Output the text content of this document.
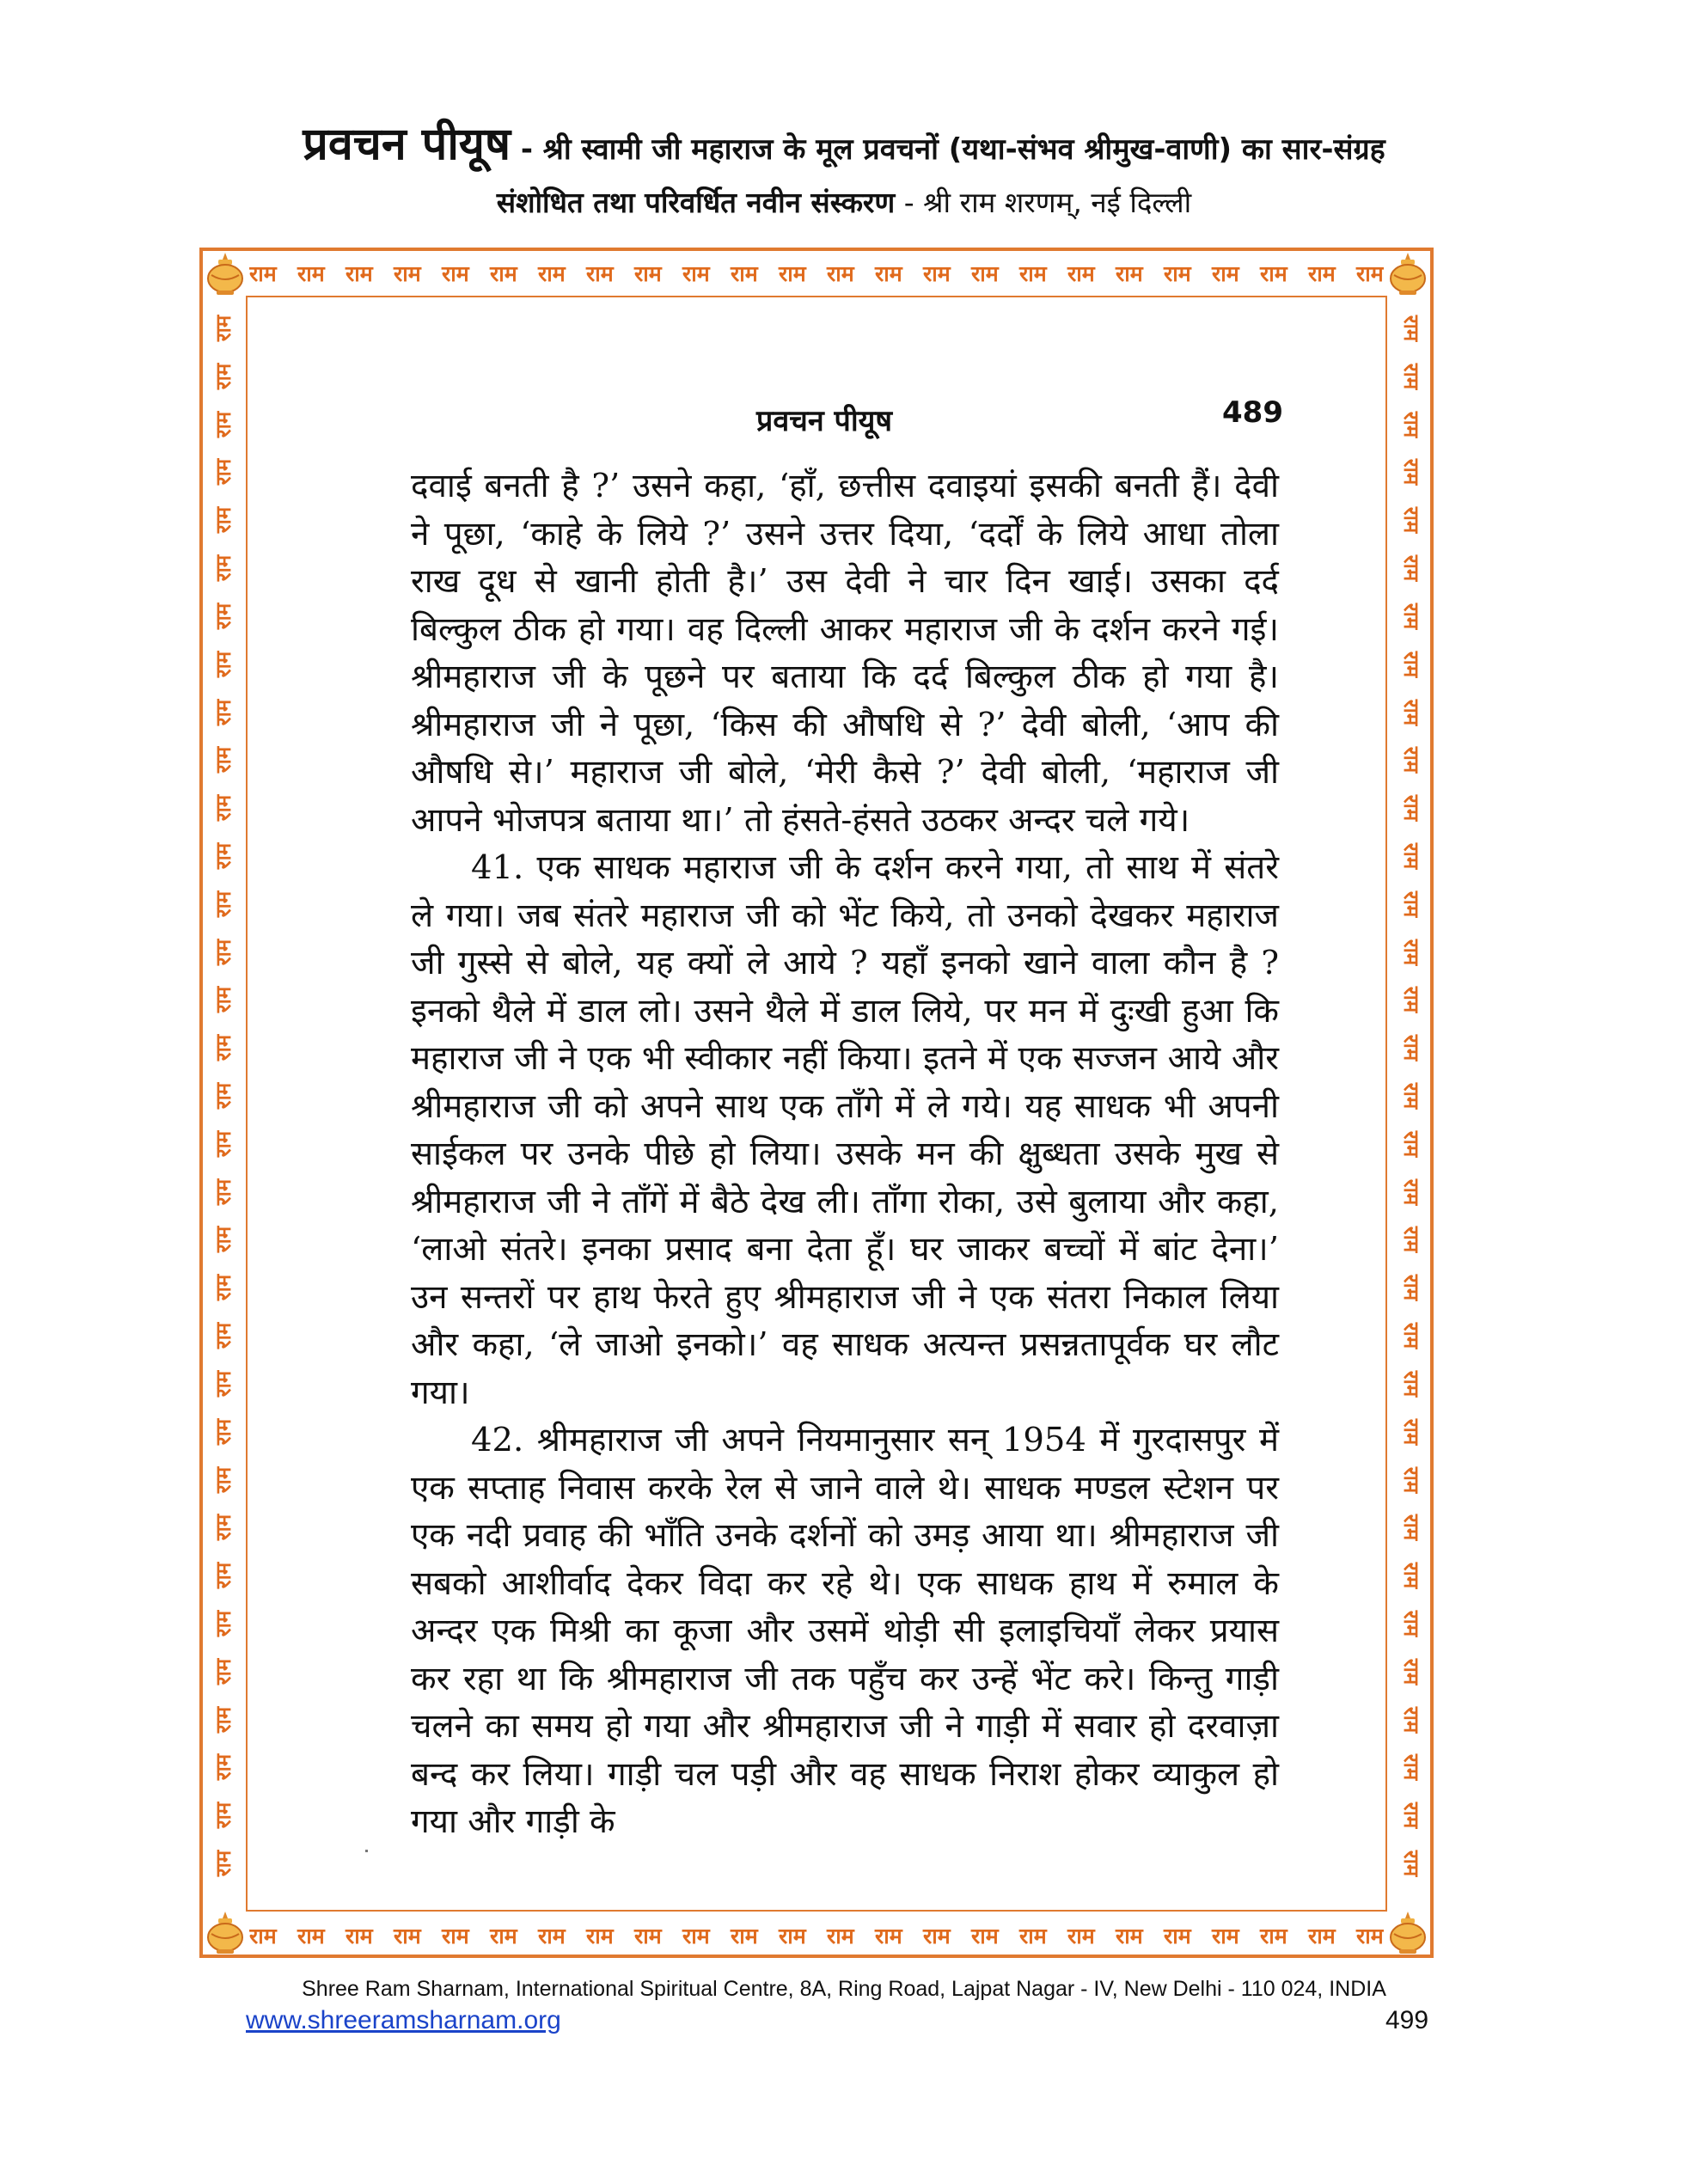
प्रवचन पीयूष - श्री स्वामी जी महाराज के मूल प्रवचनों (यथा-संभव श्रीमुख-वाणी) का सार-संग्रह
संशोधित तथा परिवर्धित नवीन संस्करण - श्री राम शरणम्, नई दिल्ली
राम राम राम राम राम राम राम राम राम राम राम राम राम राम राम राम राम राम राम राम राम राम राम राम
राम राम राम राम राम राम राम राम राम राम राम राम राम राम राम राम राम राम राम राम राम राम राम राम
राम
राम
राम
राम
राम
राम
राम
राम
राम
राम
राम
राम
राम
राम
राम
राम
राम
राम
राम
राम
राम
राम
राम
राम
राम
राम
राम
राम
राम
राम
राम
राम
राम
राम
राम
राम
राम
राम
राम
राम
राम
राम
राम
राम
राम
राम
राम
राम
राम
राम
राम
राम
राम
राम
राम
राम
राम
राम
राम
राम
राम
राम
राम
राम
राम
राम
प्रवचन पीयूष	489

दवाई बनती है ?’ उसने कहा, ‘हाँ, छत्तीस दवाइयां इसकी बनती हैं। देवी ने पूछा, ‘काहे के लिये ?’ उसने उत्तर दिया, ‘दर्दों के लिये आधा तोला राख दूध से खानी होती है।’ उस देवी ने चार दिन खाई। उसका दर्द बिल्कुल ठीक हो गया। वह दिल्ली आकर महाराज जी के दर्शन करने गई। श्रीमहाराज जी के पूछने पर बताया कि दर्द बिल्कुल ठीक हो गया है। श्रीमहाराज जी ने पूछा, ‘किस की औषधि से ?’ देवी बोली, ‘आप की औषधि से।’ महाराज जी बोले, ‘मेरी कैसे ?’ देवी बोली, ‘महाराज जी आपने भोजपत्र बताया था।’ तो हंसते-हंसते उठकर अन्दर चले गये।

41. एक साधक महाराज जी के दर्शन करने गया, तो साथ में संतरे ले गया। जब संतरे महाराज जी को भेंट किये, तो उनको देखकर महाराज जी गुस्से से बोले, यह क्यों ले आये ? यहाँ इनको खाने वाला कौन है ? इनको थैले में डाल लो। उसने थैले में डाल लिये, पर मन में दुःखी हुआ कि महाराज जी ने एक भी स्वीकार नहीं किया। इतने में एक सज्जन आये और श्रीमहाराज जी को अपने साथ एक ताँगे में ले गये। यह साधक भी अपनी साईकल पर उनके पीछे हो लिया। उसके मन की क्षुब्धता उसके मुख से श्रीमहाराज जी ने ताँगें में बैठे देख ली। ताँगा रोका, उसे बुलाया और कहा, ‘लाओ संतरे। इनका प्रसाद बना देता हूँ। घर जाकर बच्चों में बांट देना।’ उन सन्तरों पर हाथ फेरते हुए श्रीमहाराज जी ने एक संतरा निकाल लिया और कहा, ‘ले जाओ इनको।’ वह साधक अत्यन्त प्रसन्नतापूर्वक घर लौट गया।

42. श्रीमहाराज जी अपने नियमानुसार सन् 1954 में गुरदासपुर में एक सप्ताह निवास करके रेल से जाने वाले थे। साधक मण्डल स्टेशन पर एक नदी प्रवाह की भाँति उनके दर्शनों को उमड़ आया था। श्रीमहाराज जी सबको आशीर्वाद देकर विदा कर रहे थे। एक साधक हाथ में रुमाल के अन्दर एक मिश्री का कूजा और उसमें थोड़ी सी इलाइचियाँ लेकर प्रयास कर रहा था कि श्रीमहाराज जी तक पहुँच कर उन्हें भेंट करे। किन्तु गाड़ी चलने का समय हो गया और श्रीमहाराज जी ने गाड़ी में सवार हो दरवाज़ा बन्द कर लिया। गाड़ी चल पड़ी और वह साधक निराश होकर व्याकुल हो गया और गाड़ी के

Shree Ram Sharnam, International Spiritual Centre, 8A, Ring Road, Lajpat Nagar - IV, New Delhi - 110 024, INDIA
www.shreeramsharnam.org	499
